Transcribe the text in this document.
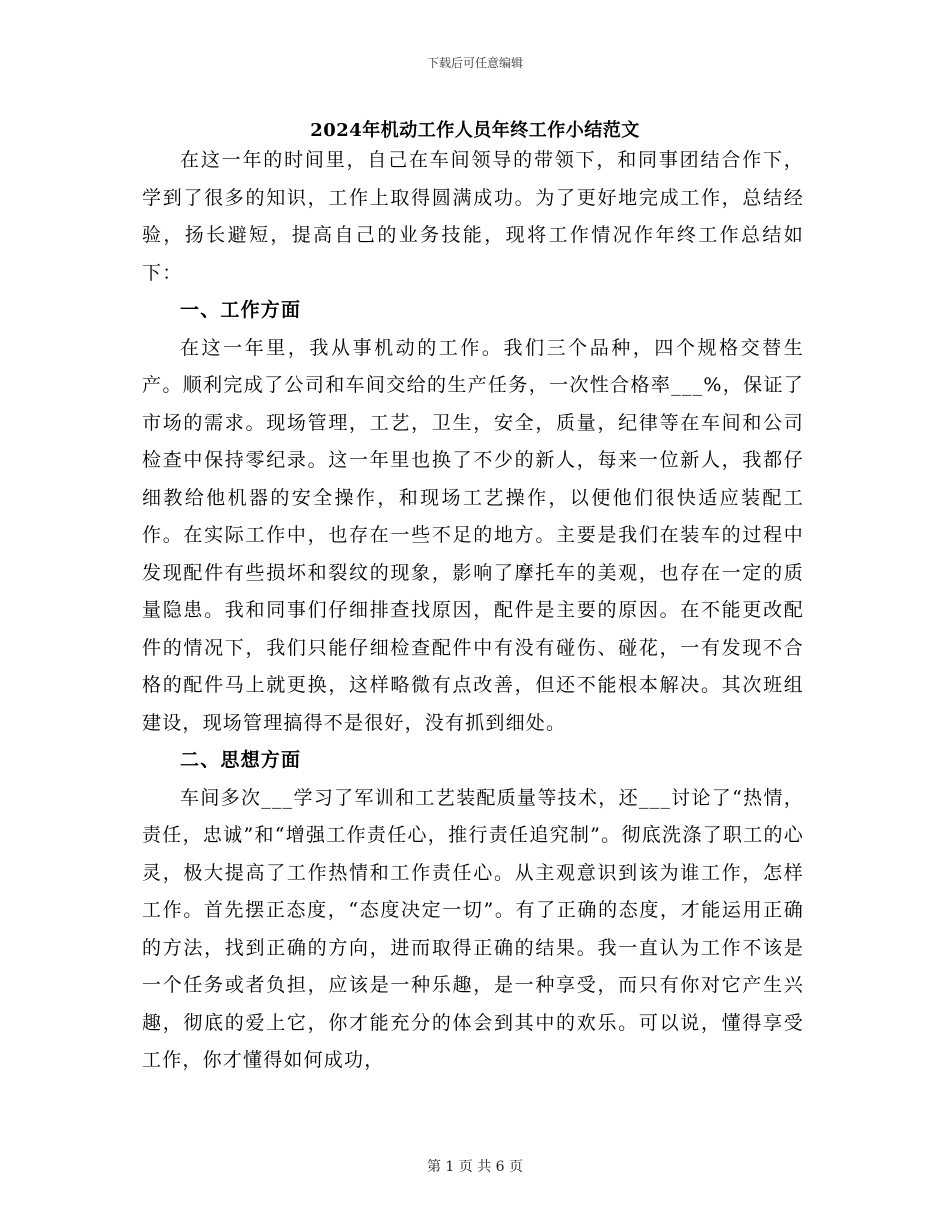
下载后可任意编辑
2024年机动工作人员年终工作小结范文

在这一年的时间里，自己在车间领导的带领下，和同事团结合作下，学到了很多的知识，工作上取得圆满成功。为了更好地完成工作，总结经验，扬长避短，提高自己的业务技能，现将工作情况作年终工作总结如下：

一、工作方面

在这一年里，我从事机动的工作。我们三个品种，四个规格交替生产。顺利完成了公司和车间交给的生产任务，一次性合格率___%，保证了市场的需求。现场管理，工艺，卫生，安全，质量，纪律等在车间和公司检查中保持零纪录。这一年里也换了不少的新人，每来一位新人，我都仔细教给他机器的安全操作，和现场工艺操作，以便他们很快适应装配工作。在实际工作中，也存在一些不足的地方。主要是我们在装车的过程中发现配件有些损坏和裂纹的现象，影响了摩托车的美观，也存在一定的质量隐患。我和同事们仔细排查找原因，配件是主要的原因。在不能更改配件的情况下，我们只能仔细检查配件中有没有碰伤、碰花，一有发现不合格的配件马上就更换，这样略微有点改善，但还不能根本解决。其次班组建设，现场管理搞得不是很好，没有抓到细处。

二、思想方面

车间多次___学习了军训和工艺装配质量等技术，还___讨论了“热情，责任，忠诚”和“增强工作责任心，推行责任追究制”。彻底洗涤了职工的心灵，极大提高了工作热情和工作责任心。从主观意识到该为谁工作，怎样工作。首先摆正态度，“态度决定一切”。有了正确的态度，才能运用正确的方法，找到正确的方向，进而取得正确的结果。我一直认为工作不该是一个任务或者负担，应该是一种乐趣，是一种享受，而只有你对它产生兴趣，彻底的爱上它，你才能充分的体会到其中的欢乐。可以说，懂得享受工作，你才懂得如何成功，

第 1 页 共 6 页
